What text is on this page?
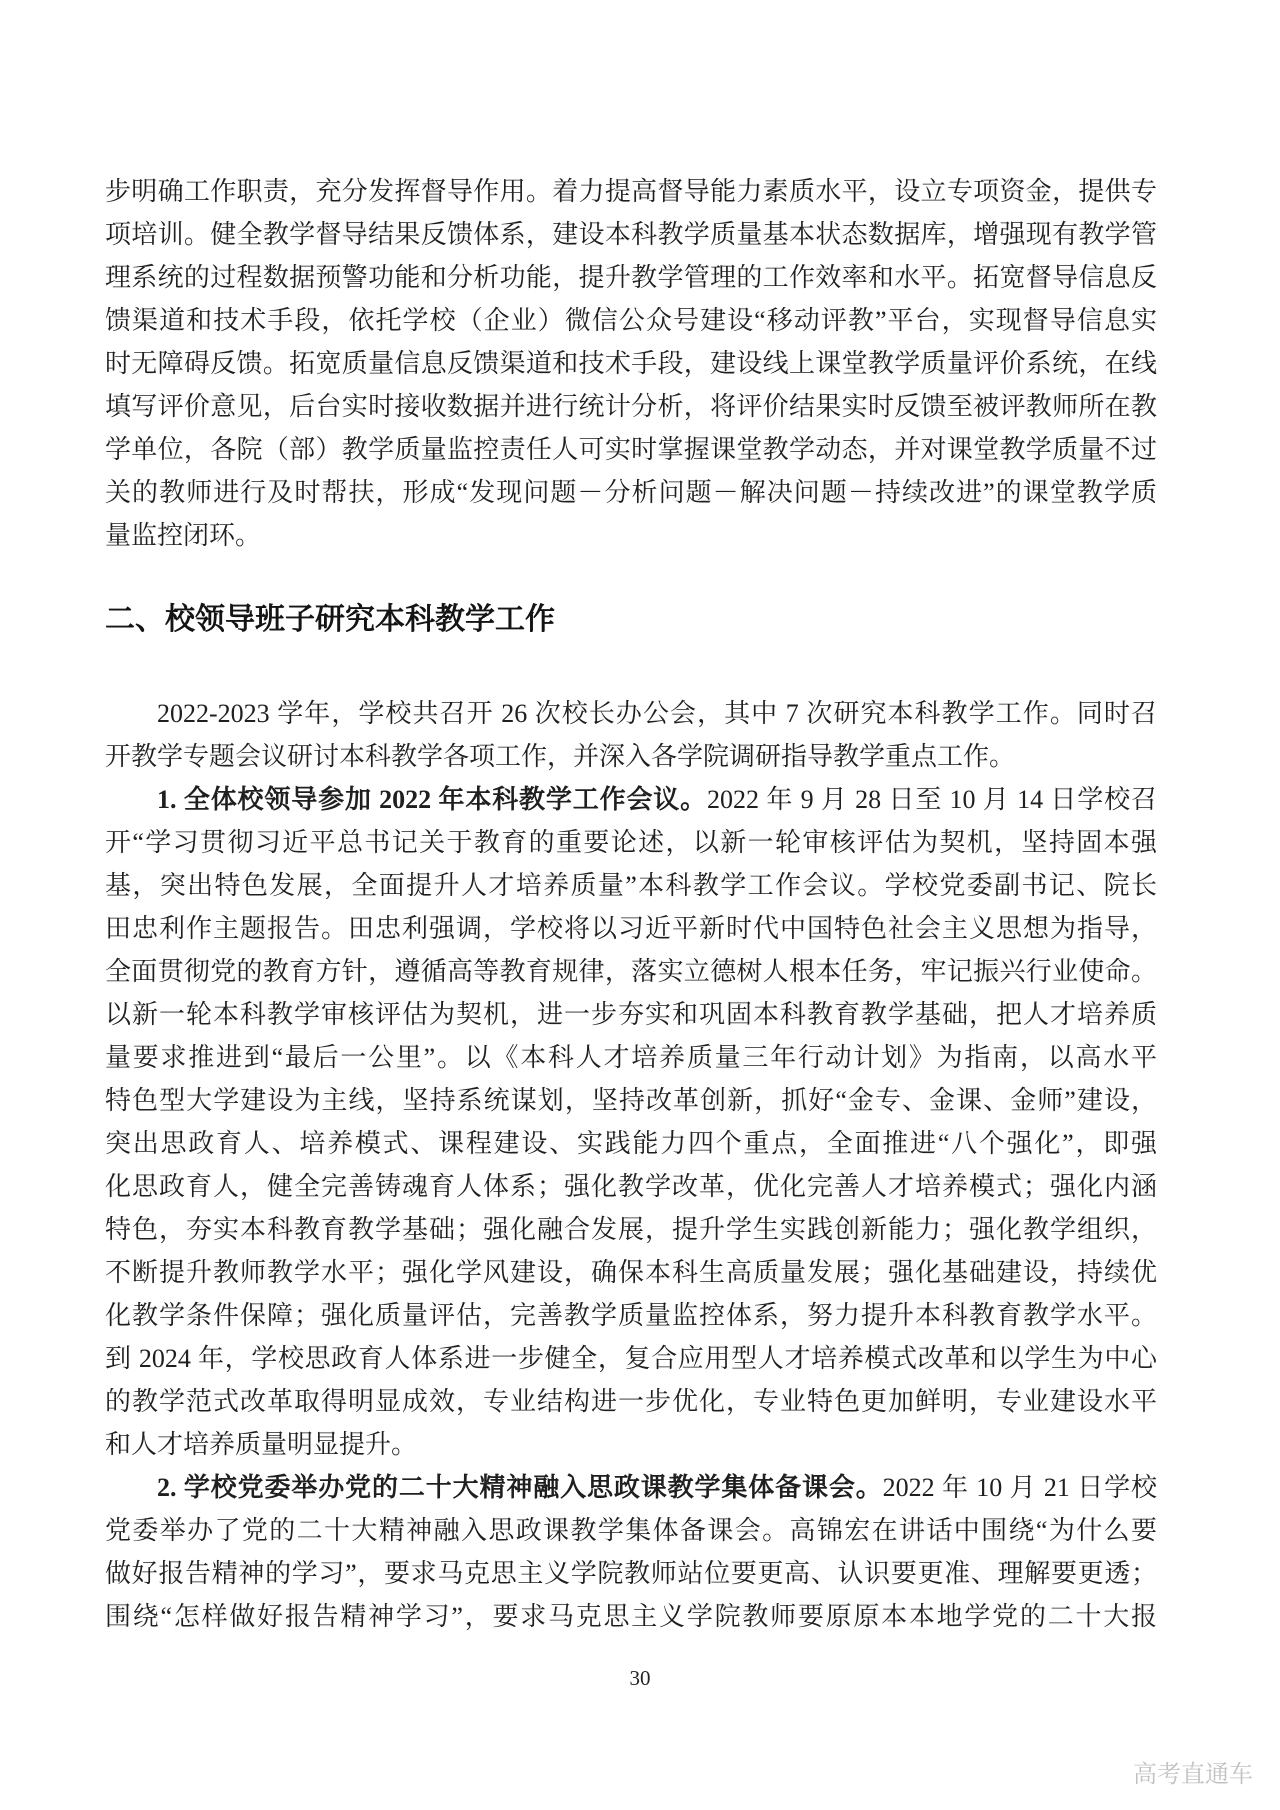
步明确工作职责，充分发挥督导作用。着力提高督导能力素质水平，设立专项资金，提供专
项培训。健全教学督导结果反馈体系，建设本科教学质量基本状态数据库，增强现有教学管
理系统的过程数据预警功能和分析功能，提升教学管理的工作效率和水平。拓宽督导信息反
馈渠道和技术手段，依托学校（企业）微信公众号建设“移动评教”平台，实现督导信息实
时无障碍反馈。拓宽质量信息反馈渠道和技术手段，建设线上课堂教学质量评价系统，在线
填写评价意见，后台实时接收数据并进行统计分析，将评价结果实时反馈至被评教师所在教
学单位，各院（部）教学质量监控责任人可实时掌握课堂教学动态，并对课堂教学质量不过
关的教师进行及时帮扶，形成“发现问题－分析问题－解决问题－持续改进”的课堂教学质
量监控闭环。
二、校领导班子研究本科教学工作
2022-2023 学年，学校共召开 26 次校长办公会，其中 7 次研究本科教学工作。同时召
开教学专题会议研讨本科教学各项工作，并深入各学院调研指导教学重点工作。
1. 全体校领导参加 2022 年本科教学工作会议。2022 年 9 月 28 日至 10 月 14 日学校召
开“学习贯彻习近平总书记关于教育的重要论述，以新一轮审核评估为契机，坚持固本强
基，突出特色发展，全面提升人才培养质量”本科教学工作会议。学校党委副书记、院长
田忠利作主题报告。田忠利强调，学校将以习近平新时代中国特色社会主义思想为指导，
全面贯彻党的教育方针，遵循高等教育规律，落实立德树人根本任务，牢记振兴行业使命。
以新一轮本科教学审核评估为契机，进一步夯实和巩固本科教育教学基础，把人才培养质
量要求推进到“最后一公里”。以《本科人才培养质量三年行动计划》为指南，以高水平
特色型大学建设为主线，坚持系统谋划，坚持改革创新，抓好“金专、金课、金师”建设，
突出思政育人、培养模式、课程建设、实践能力四个重点，全面推进“八个强化”，即强
化思政育人，健全完善铸魂育人体系；强化教学改革，优化完善人才培养模式；强化内涵
特色，夯实本科教育教学基础；强化融合发展，提升学生实践创新能力；强化教学组织，
不断提升教师教学水平；强化学风建设，确保本科生高质量发展；强化基础建设，持续优
化教学条件保障；强化质量评估，完善教学质量监控体系，努力提升本科教育教学水平。
到 2024 年，学校思政育人体系进一步健全，复合应用型人才培养模式改革和以学生为中心
的教学范式改革取得明显成效，专业结构进一步优化，专业特色更加鲜明，专业建设水平
和人才培养质量明显提升。
2. 学校党委举办党的二十大精神融入思政课教学集体备课会。2022 年 10 月 21 日学校
党委举办了党的二十大精神融入思政课教学集体备课会。高锦宏在讲话中围绕“为什么要
做好报告精神的学习”，要求马克思主义学院教师站位要更高、认识要更准、理解要更透；
围绕“怎样做好报告精神学习”，要求马克思主义学院教师要原原本本地学党的二十大报
30
高考直通车
